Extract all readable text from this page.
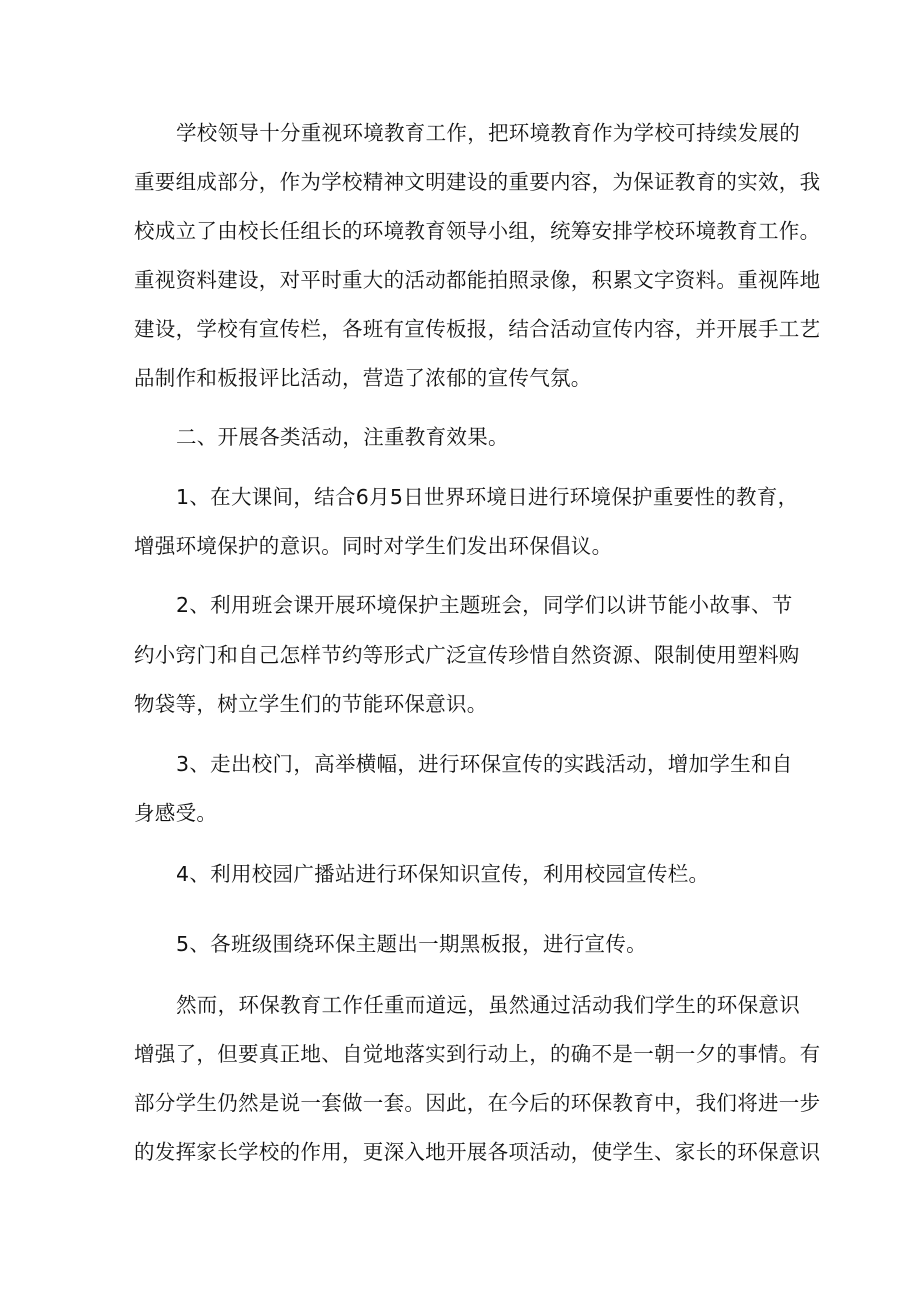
学校领导十分重视环境教育工作，把环境教育作为学校可持续发展的
重要组成部分，作为学校精神文明建设的重要内容，为保证教育的实效，我
校成立了由校长任组长的环境教育领导小组，统筹安排学校环境教育工作。
重视资料建设，对平时重大的活动都能拍照录像，积累文字资料。重视阵地
建设，学校有宣传栏，各班有宣传板报，结合活动宣传内容，并开展手工艺
品制作和板报评比活动，营造了浓郁的宣传气氛。
二、开展各类活动，注重教育效果。
1、在大课间，结合6月5日世界环境日进行环境保护重要性的教育，
增强环境保护的意识。同时对学生们发出环保倡议。
2、利用班会课开展环境保护主题班会，同学们以讲节能小故事、节
约小窍门和自己怎样节约等形式广泛宣传珍惜自然资源、限制使用塑料购
物袋等，树立学生们的节能环保意识。
3、走出校门，高举横幅，进行环保宣传的实践活动，增加学生和自
身感受。
4、利用校园广播站进行环保知识宣传，利用校园宣传栏。
5、各班级围绕环保主题出一期黑板报，进行宣传。
然而，环保教育工作任重而道远，虽然通过活动我们学生的环保意识
增强了，但要真正地、自觉地落实到行动上，的确不是一朝一夕的事情。有
部分学生仍然是说一套做一套。因此，在今后的环保教育中，我们将进一步
的发挥家长学校的作用，更深入地开展各项活动，使学生、家长的环保意识
